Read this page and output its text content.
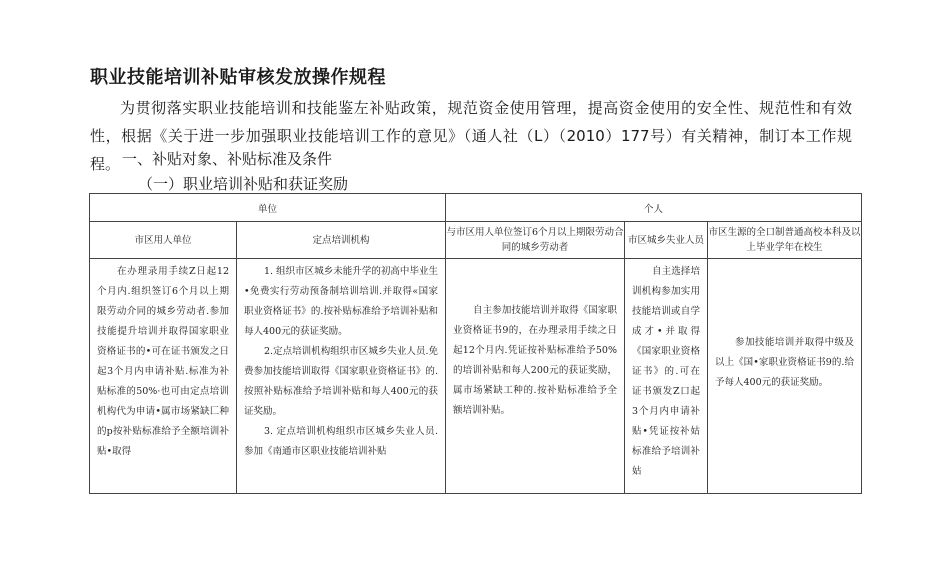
职业技能培训补贴审核发放操作规程
为贯彻落实职业技能培训和技能鉴左补贴政策，规范资金使用管理，提高资金使用的安全性、规范性和有效性，根据《关于进一步加强职业技能培训工作的意见》（通人社（L）（2010）177号）有关精神，制订本工作规程。 一、补贴对象、补贴标准及条件
（一）职业培训补贴和获证奖励
单位		个人		

市区用人单位	定点培训机构	与市区用人单位签订6个月以上期限劳动合同的城乡劳动者	市区城乡失业人员	市区生源的全口制普通高校本科及以上毕业学年在校生

在办理录用手续Z日起12个月内.组织签订6个月以上期限劳动介同的城乡劳动者.参加技能提升培训并取得国家职业资格证书的•可在证书颁发之日起3个月内申请补贴.标准为补贴标准的50%·也可由定点培训机构代为申请•属市场紧缺匚种的p按补贴标准给予全额培训补贴•取得	1. 组织市区城乡未能升学的初高中毕业生•免费实行劳动预备制培训培训.并取得«国家职业资格证书》的.按补贴标准给予培训补贴和每人400元的获证奖励。
2.定点培训机构组织市区城乡失业人员.免费参加技能培训取得《国家职业资格证书》的.按照补贴标准给予培训补贴和每人400元的获证奖励。
3. 定点培训机构组织市区城乡失业人员.参加《南通市区职业技能培训补贴	自主参加技能培训并取得《国家职业资格证书9的，在办理录用手续之日起12个月内.凭证按补贴标准给予50%的培训补贴和每人200元的获证奖励，属市场紧缺工种的.按补贴标准给予全额培训补贴。	自主选择培训机构参加实用技能培训或自学成才•并取得《国家职业资格证书》的.可在证书颁发Z口起3个月内申请补贴•凭证按补姑标准给予培训补姑	参加技能培训并取得中级及以上《国•家职业资格证书9的.给予每人400元的获证奖励。
